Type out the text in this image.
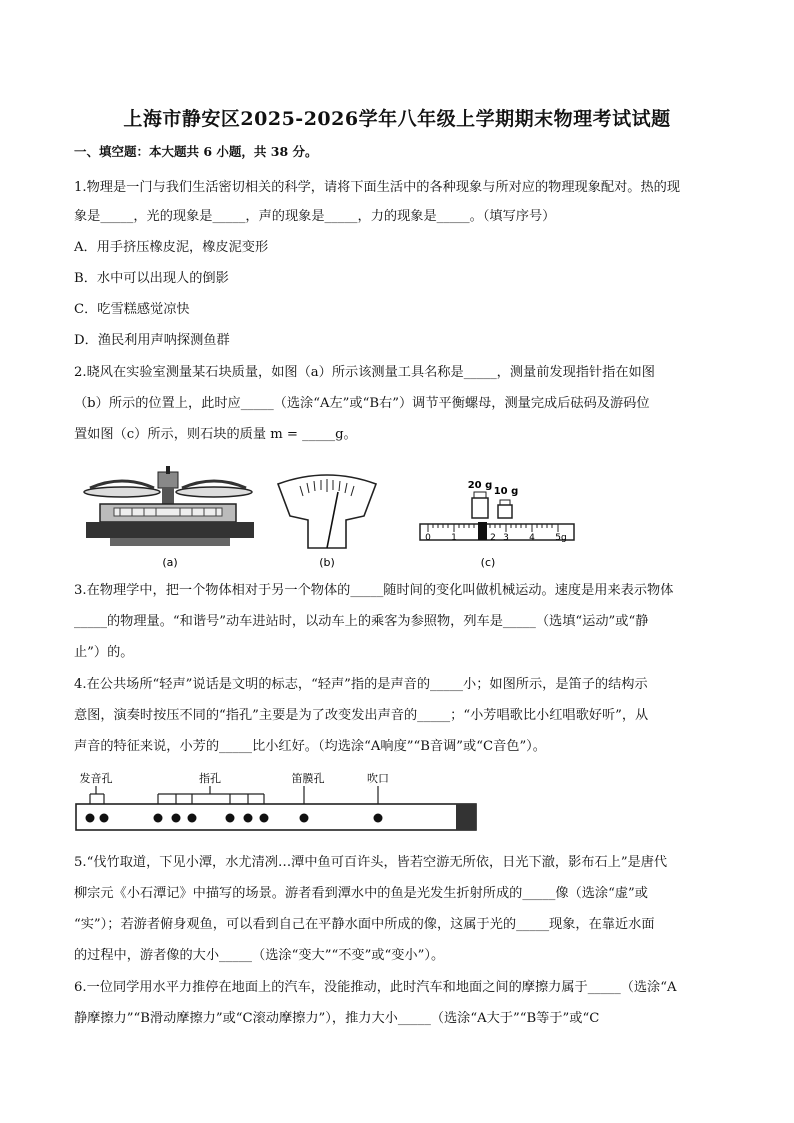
上海市静安区2025-2026学年八年级上学期期末物理考试试题
一、填空题：本大题共 6 小题，共 38 分。
1.物理是一门与我们生活密切相关的科学，请将下面生活中的各种现象与所对应的物理现象配对。热的现
象是_____，光的现象是_____，声的现象是_____，力的现象是_____。（填写序号）
A．用手挤压橡皮泥，橡皮泥变形
B．水中可以出现人的倒影
C．吃雪糕感觉凉快
D．渔民利用声呐探测鱼群
2.晓风在实验室测量某石块质量，如图（a）所示该测量工具名称是_____，测量前发现指针指在如图
（b）所示的位置上，此时应_____（选涂“A左”或“B右”）调节平衡螺母，测量完成后砝码及游码位
置如图（c）所示，则石块的质量 m = _____g。
(a)	(b)
20 g
10 g
0 1	2 3 4 5g
(c)
3.在物理学中，把一个物体相对于另一个物体的_____随时间的变化叫做机械运动。速度是用来表示物体
_____的物理量。“和谐号”动车进站时，以动车上的乘客为参照物，列车是_____（选填“运动”或“静
止”）的。
4.在公共场所“轻声”说话是文明的标志，“轻声”指的是声音的_____小；如图所示，是笛子的结构示
意图，演奏时按压不同的“指孔”主要是为了改变发出声音的_____；“小芳唱歌比小红唱歌好听”，从
声音的特征来说，小芳的_____比小红好。（均选涂“A响度”“B音调”或“C音色”）。
发音孔	指孔	笛膜孔	吹口
5.“伐竹取道，下见小潭，水尤清冽…潭中鱼可百许头，皆若空游无所依，日光下澈，影布石上”是唐代
柳宗元《小石潭记》中描写的场景。游者看到潭水中的鱼是光发生折射所成的_____像（选涂“虚”或
“实”）；若游者俯身观鱼，可以看到自己在平静水面中所成的像，这属于光的_____现象，在靠近水面
的过程中，游者像的大小_____（选涂“变大”“不变”或“变小”）。
6.一位同学用水平力推停在地面上的汽车，没能推动，此时汽车和地面之间的摩擦力属于_____（选涂“A
静摩擦力”“B滑动摩擦力”或“C滚动摩擦力”），推力大小_____（选涂“A大于”“B等于”或“C
